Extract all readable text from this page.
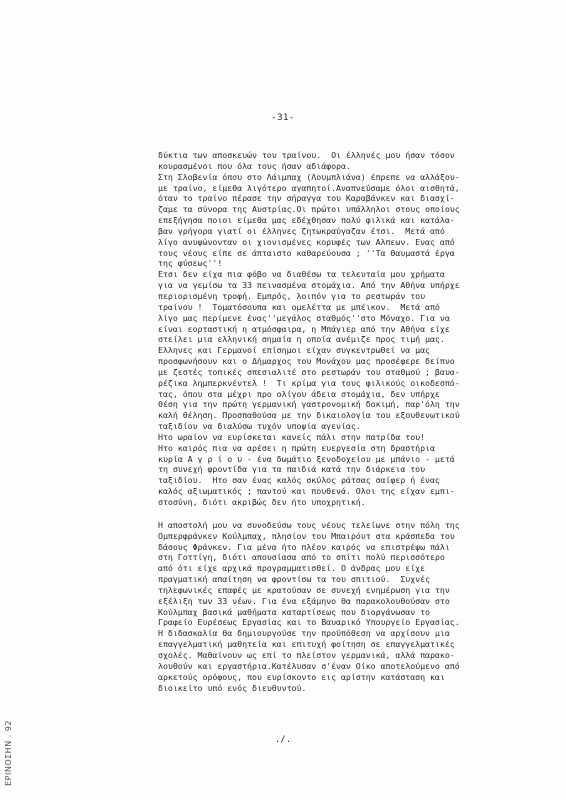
-31-
δύκτια των αποσκευών του τραίνου.  Οι έλληνές μου ήσαν τόσον
κουρασμένοι που όλα τους ήσαν αδιάφορα.
Στη Σλοβενία όπου στο Λάιμπαχ (Λουμπλιάνα) έπρεπε να αλλάξου-
με τραίνο, είμεθα λιγότερο αγαπητοί.Αναπνεύσαμε όλοι αισθητά,
όταν το τραίνο πέρασε την σήραγγα του Καραβάνκεν και διασχί-
ζαμε τα σύνορα της Αυστρίας.Οι πρώτοι υπάλληλοι στους οποίους
επεξήγησα ποιοι είμεθα μας εδέχθησαν πολύ φιλικά και κατάλα-
βαν γρήγορα γιατί οι έλληνες ζητωκραύγαζαν έτσι.  Μετά από
λίγο ανυψώνονταν οι χιονισμένες κορυφές των Αλπεων. Ενας από
τους νέους είπε σε άπταιστο καθαρεύουσα ; ''Τα θαυμαστά έργα
της φύσεως''!
Ετσι δεν είχα πια φόβο να διαθέσω τα τελευταία μου χρήματα
για να γεμίσω τα 33 πεινασμένα στομάχια. Από την Αθήνα υπήρχε
περιορισμένη τροφή. Εμπρός, λοιπόν για το ρεστωράν του
τραίνου !  Τοματόσουπα και ομελέττα με μπέικον.  Μετά από
λίγο μας περίμενε ένας''μεγάλος σταθμός''στο Μόναχο. Για να
είναι εορταστική η ατμόσφαιρα, η Μπάγιερ από την Αθήνα είχε
στείλει μια ελληνική σημαία η οποία ανέμιζε προς τιμή μας.
Ελληνες και Γερμανοί επίσημοι είχαν συγκεντρωθεί να μας
προσφωνήσουν και ο Δήμαρχος του Μονάχου μας προσέφερε δείπνο
με ζεστές τοπικές σπεσιαλιτέ στο ρεστωράν του σταθμού ; βαυα-
ρέζικα λημπερκνέντελ !  Τι κρίμα για τους φιλικούς οικοδεσπό-
τας, όπου στα μέχρι προ ολίγου άδεια στομάχια, δεν υπήρχε
θέση για την πρώτη γερμανική γαστρονομική δοκιμή, παρ'όλη την
καλή θέληση. Προσπαθούσα με την δικαιολογία του εξουθενωτικού
ταξιδίου να διαλύσω τυχόν υποψία αγενίας.
Ητο ωραίον να ευρίσκεται κανείς πάλι στην πατρίδα του!
Ητο καιρός πια να αρέσει η πρώτη ευεργεσία στη δραστήρια
κυρία Α γ ρ ί ο υ - ένα δωμάτιο ξενοδοχείου με μπάνιο - μετά
τη συνεχή φροντίδα για τα παιδιά κατά την διάρκεια του
ταξιδίου.  Ητο σαν ένας καλός σκύλος ράτσας σαίφερ ή ένας
καλός αξιωματικός ; παντού και πουθενά. Ολοι της είχαν εμπι-
στοσύνη, διότι ακριβώς δεν ήτο υποχρητική.
Η αποστολή μου να συνοδεύσω τους νέους τελείωνε στην πόλη της
Ομπερφράνκεν Κούλμπαχ, πλησίον του Μπαιρόυτ στα κράσπεδα του
δάσους Φράνκεν. Για μένα ήτο πλέον καιρός να επιστρέψω πάλι
στη Γοττίγη, διότι απουσίασα από το σπίτι πολύ περισσότερο
από ότι είχε αρχικά προγραμματισθεί. Ο άνδρας μου είχε
πραγματική απαίτηση να φροντίσω τα του σπιτιού.  Συχνές
τηλεφωνικές επαφές με κρατούσαν σε συνεχή ενημέρωση για την
εξέλιξη των 33 νέων. Για ένα εξάμηνο θα παρακολουθούσαν στο
Κούλμπαχ βασικά μαθήματα καταρτίσεως που διοργάνωσαν το
Γραφείο Ευρέσεως Εργασίας και το Βαυαρικό Υπουργείο Εργασίας.
Η διδασκαλία θα δημιουργούσε την προϋπόθεση να αρχίσουν μια
επαγγελματική μαθητεία και επιτυχή φοίτηση σε επαγγελματικές
σχολές. Μαθαίνουν ως επί το πλείστον γερμανικά, αλλά παρακο-
λουθούν και εργαστήρια.Κατέλυσαν σ'έναν Οίκο αποτελούμενο από
αρκετούς ορόφους, που ευρίσκοντο εις αρίστην κατάσταση και
διοικείτο υπό ενός διευθυντού.
./.
ΕΡΙΝΟΣΗΝ . 92
